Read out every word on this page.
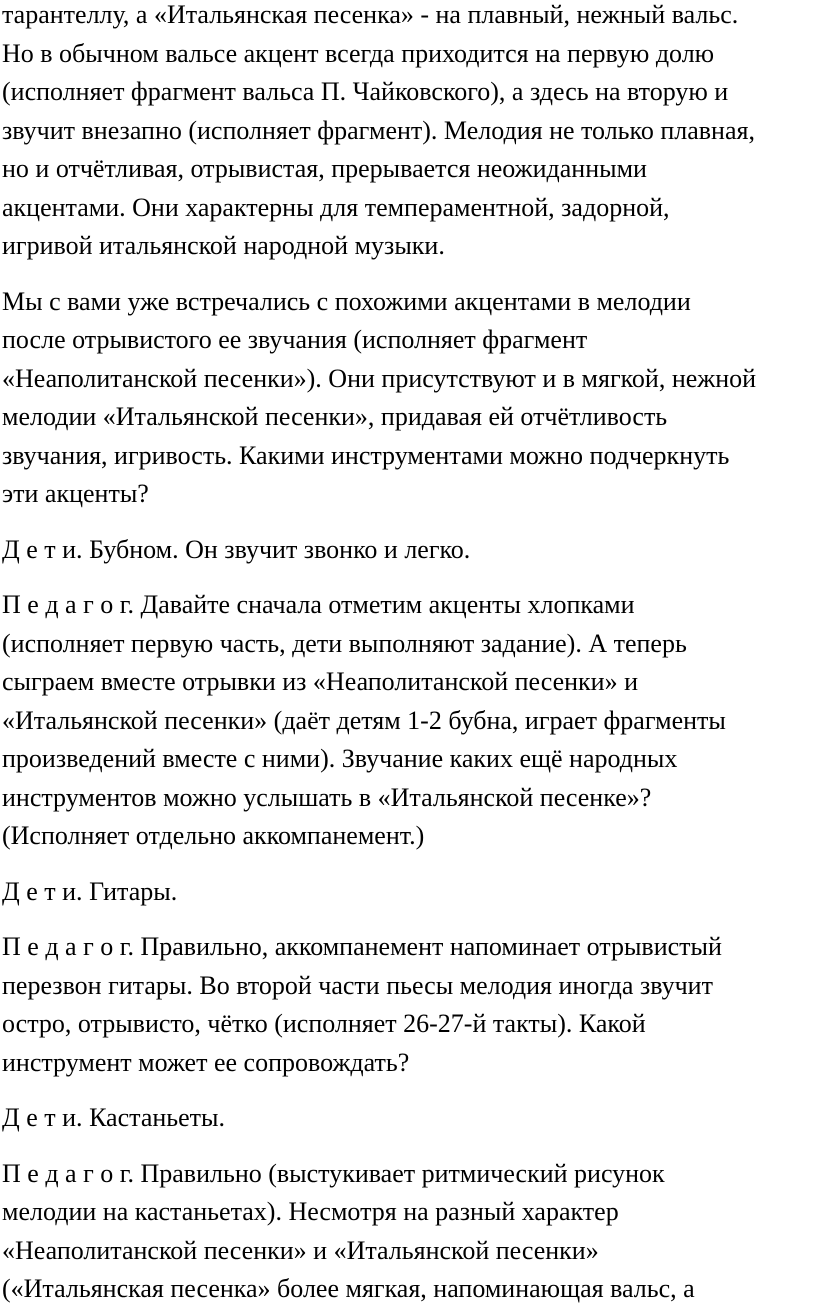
тарантеллу, а «Итальянская песенка» - на плавный, нежный вальс.
Но в обычном вальсе акцент всегда приходится на первую долю
(исполняет фрагмент вальса П. Чайковского), а здесь на вторую и
звучит внезапно (исполняет фрагмент). Мелодия не только плавная,
но и отчётливая, отрывистая, прерывается неожиданными
акцентами. Они характерны для темпераментной, задорной,
игривой итальянской народной музыки.

Мы с вами уже встречались с похожими акцентами в мелодии
после отрывистого ее звучания (исполняет фрагмент
«Неаполитанской песенки»). Они присутствуют и в мягкой, нежной
мелодии «Итальянской песенки», придавая ей отчётливость
звучания, игривость. Какими инструментами можно подчеркнуть
эти акценты?

Д е т и. Бубном. Он звучит звонко и легко.

П е д а г о г. Давайте сначала отметим акценты хлопками
(исполняет первую часть, дети выполняют задание). А теперь
сыграем вместе отрывки из «Неаполитанской песенки» и
«Итальянской песенки» (даёт детям 1-2 бубна, играет фрагменты
произведений вместе с ними). Звучание каких ещё народных
инструментов можно услышать в «Итальянской песенке»?
(Исполняет отдельно аккомпанемент.)

Д е т и. Гитары.

П е д а г о г. Правильно, аккомпанемент напоминает отрывистый
перезвон гитары. Во второй части пьесы мелодия иногда звучит
остро, отрывисто, чётко (исполняет 26-27-й такты). Какой
инструмент может ее сопровождать?

Д е т и. Кастаньеты.

П е д а г о г. Правильно (выстукивает ритмический рисунок
мелодии на кастаньетах). Несмотря на разный характер
«Неаполитанской песенки» и «Итальянской песенки»
(«Итальянская песенка» более мягкая, напоминающая вальс, а
